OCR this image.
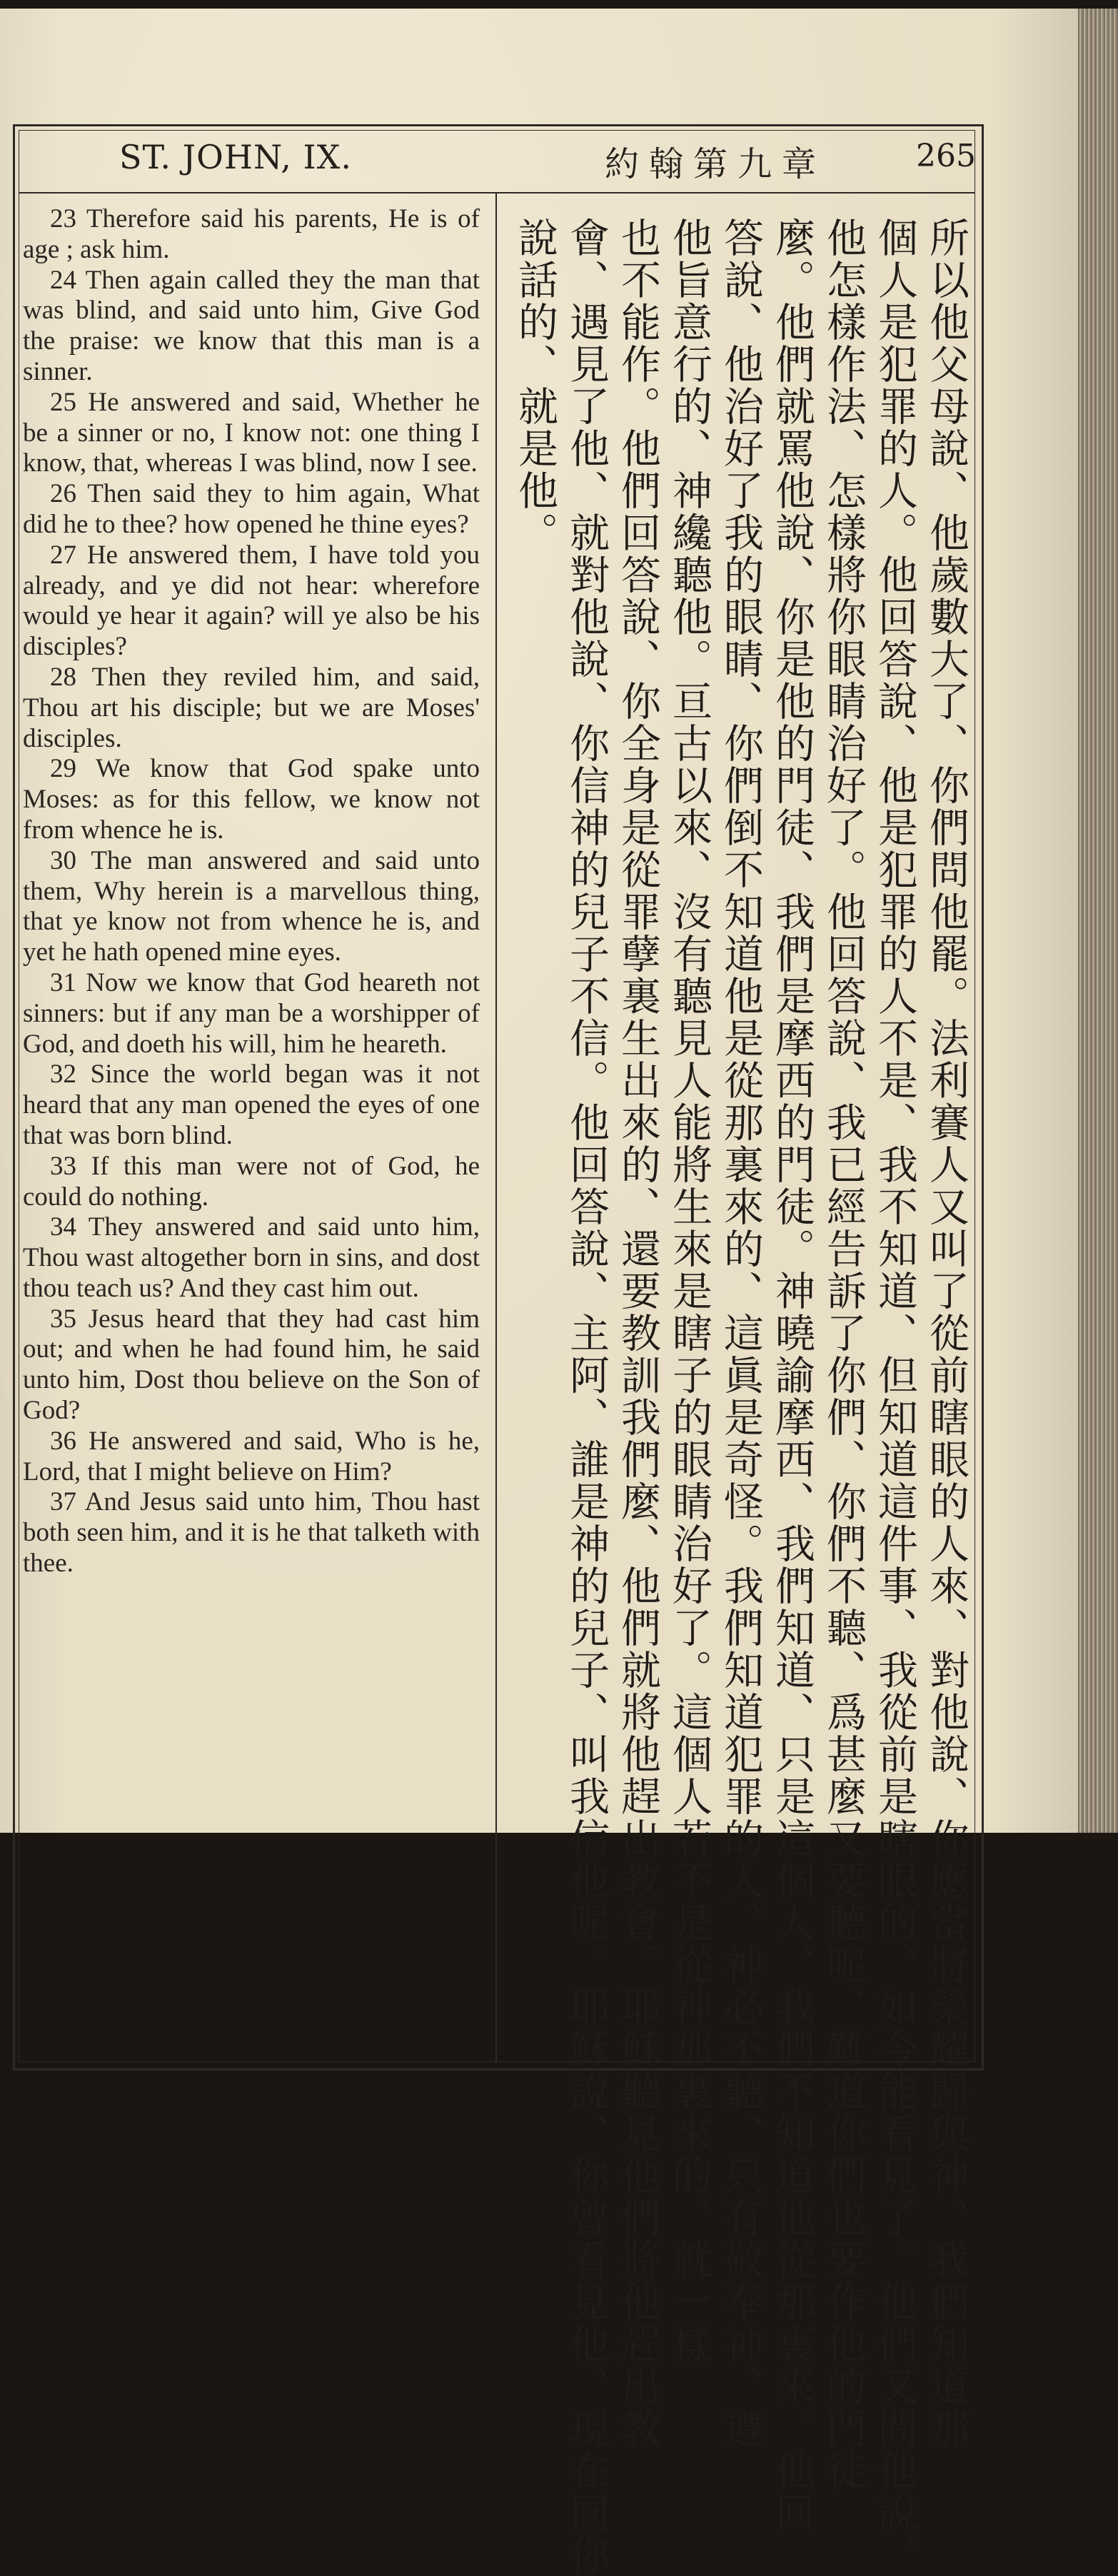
ST. JOHN, IX.	約翰第九章	265

23 Therefore said his parents, He is of age ; ask him.

24 Then again called they the man that was blind, and said unto him, Give God the praise: we know that this man is a sinner.

25 He answered and said, Whether he be a sinner or no, I know not: one thing I know, that, whereas I was blind, now I see.

26 Then said they to him again, What did he to thee? how opened he thine eyes?

27 He answered them, I have told you already, and ye did not hear: wherefore would ye hear it again? will ye also be his disciples?

28 Then they reviled him, and said, Thou art his disciple; but we are Moses' disciples.

29 We know that God spake unto Moses: as for this fellow, we know not from whence he is.

30 The man answered and said unto them, Why herein is a marvellous thing, that ye know not from whence he is, and yet he hath opened mine eyes.

31 Now we know that God heareth not sinners: but if any man be a worshipper of God, and doeth his will, him he heareth.

32 Since the world began was it not heard that any man opened the eyes of one that was born blind.

33 If this man were not of God, he could do nothing.

34 They answered and said unto him, Thou wast altogether born in sins, and dost thou teach us? And they cast him out.

35 Jesus heard that they had cast him out; and when he had found him, he said unto him, Dost thou believe on the Son of God?

36 He answered and said, Who is he, Lord, that I might believe on Him?

37 And Jesus said unto him, Thou hast both seen him, and it is he that talketh with thee.	所以他父母說、他歲數大了、你們問他罷。法利賽人又叫了從前瞎眼的人來、對他說、你應當將榮耀歸與神、我們知道那
個人是犯罪的人。他回答說、他是犯罪的人不是、我不知道、但知道這件事、我從前是瞎眼的、如今能看見了。他們又問他說、
他怎樣作法、怎樣將你眼睛治好了。他回答說、我已經告訴了你們、你們不聽、爲甚麼又要聽呢、難道你們也要作他的門徒
麼。他們就罵他說、你是他的門徒、我們是摩西的門徒。神曉諭摩西、我們知道、只是這個人、我們不知道他從那裏來。他回
答說、他治好了我的眼睛、你們倒不知道他是從那裏來的、這眞是奇怪。我們知道犯罪的人、神必不聽、只有敬奉神、遵
他旨意行的、神纔聽他。亘古以來、沒有聽見人能將生來是瞎子的眼睛治好了。這個人若不是從神那裏來的、就一樣
也不能作。他們回答說、你全身是從罪孽裏生出來的、還要教訓我們麼、他們就將他趕出教會。耶穌聽見他們將他趕出教
會、遇見了他、就對他說、你信神的兒子不信。他回答說、主阿、誰是神的兒子、叫我信他呢。耶穌說、你曾看見他、現在同你
說話的、就是他。
